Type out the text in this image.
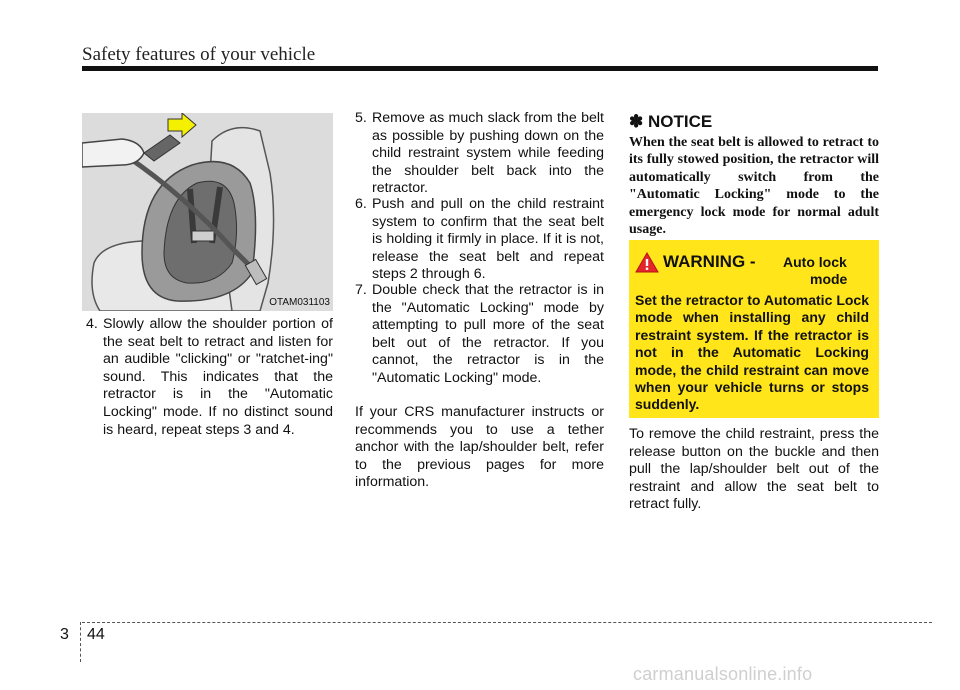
Safety features of your vehicle
OTAM031103
4. Slowly allow the shoulder portion of the seat belt to retract and listen for an audible "clicking" or "ratchet-ing" sound. This indicates that the retractor is in the "Automatic Locking" mode. If no distinct sound is heard, repeat steps 3 and 4.
5. Remove as much slack from the belt as possible by pushing down on the child restraint system while feeding the shoulder belt back into the retractor.
6. Push and pull on the child restraint system to confirm that the seat belt is holding it firmly in place. If it is not, release the seat belt and repeat steps 2 through 6.
7. Double check that the retractor is in the "Automatic Locking" mode by attempting to pull more of the seat belt out of the retractor. If you cannot, the retractor is in the "Automatic Locking" mode.
If your CRS manufacturer instructs or recommends you to use a tether anchor with the lap/shoulder belt, refer to the previous pages for more information.
✽ NOTICE
When the seat belt is allowed to retract to its fully stowed position, the retractor will automatically switch from the "Automatic Locking" mode to the emergency lock mode for normal adult usage.
WARNING - Auto lock
mode
Set the retractor to Automatic Lock mode when installing any child restraint system. If the retractor is not in the Automatic Locking mode, the child restraint can move when your vehicle turns or stops suddenly.
To remove the child restraint, press the release button on the buckle and then pull the lap/shoulder belt out of the restraint and allow the seat belt to retract fully.
3 44
carmanualsonline.info
